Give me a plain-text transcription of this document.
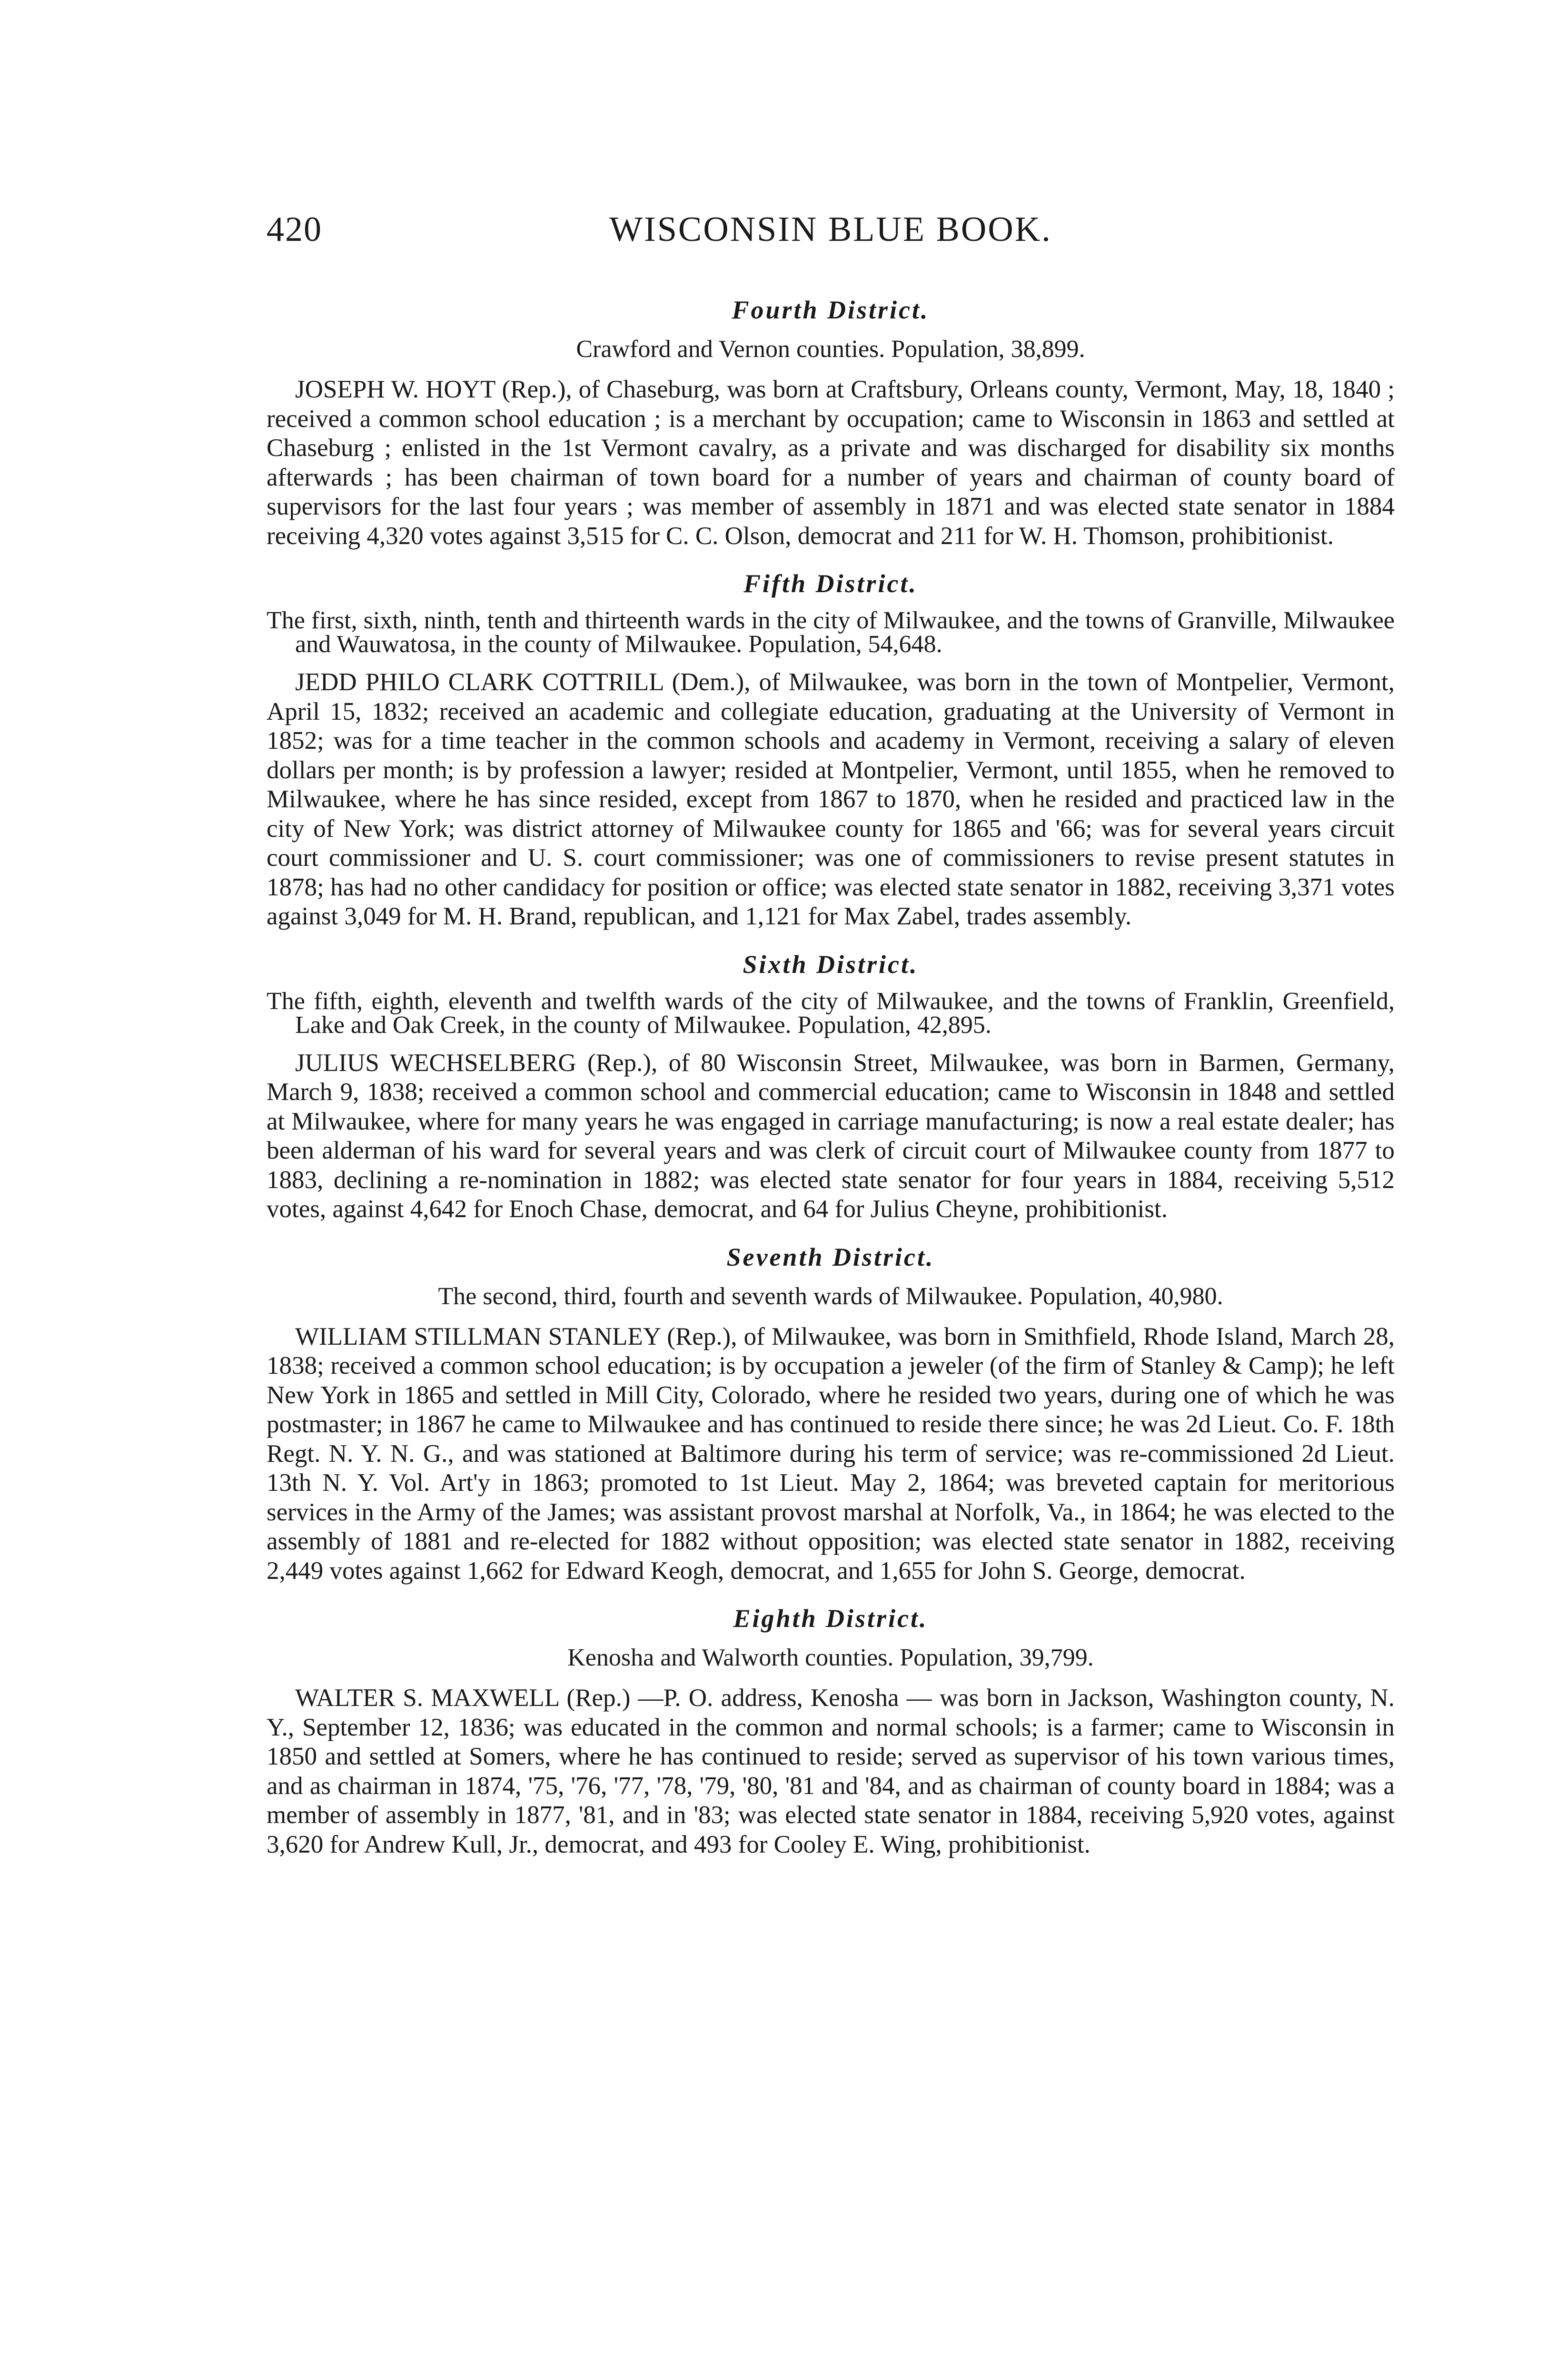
420	WISCONSIN BLUE BOOK.
Fourth District.

Crawford and Vernon counties. Population, 38,899.

JOSEPH W. HOYT (Rep.), of Chaseburg, was born at Craftsbury, Orleans county, Vermont, May, 18, 1840 ; received a common school education ; is a merchant by occupation; came to Wisconsin in 1863 and settled at Chaseburg ; enlisted in the 1st Vermont cavalry, as a private and was discharged for disability six months afterwards ; has been chairman of town board for a number of years and chairman of county board of supervisors for the last four years ; was member of assembly in 1871 and was elected state senator in 1884 receiving 4,320 votes against 3,515 for C. C. Olson, democrat and 211 for W. H. Thomson, prohibitionist.

Fifth District.

The first, sixth, ninth, tenth and thirteenth wards in the city of Milwaukee, and the towns of Granville, Milwaukee and Wauwatosa, in the county of Milwaukee. Population, 54,648.

JEDD PHILO CLARK COTTRILL (Dem.), of Milwaukee, was born in the town of Montpelier, Vermont, April 15, 1832; received an academic and collegiate education, graduating at the University of Vermont in 1852; was for a time teacher in the common schools and academy in Vermont, receiving a salary of eleven dollars per month; is by profession a lawyer; resided at Montpelier, Vermont, until 1855, when he removed to Milwaukee, where he has since resided, except from 1867 to 1870, when he resided and practiced law in the city of New York; was district attorney of Milwaukee county for 1865 and '66; was for several years circuit court commissioner and U. S. court commissioner; was one of commissioners to revise present statutes in 1878; has had no other candidacy for position or office; was elected state senator in 1882, receiving 3,371 votes against 3,049 for M. H. Brand, republican, and 1,121 for Max Zabel, trades assembly.

Sixth District.

The fifth, eighth, eleventh and twelfth wards of the city of Milwaukee, and the towns of Franklin, Greenfield, Lake and Oak Creek, in the county of Milwaukee. Population, 42,895.

JULIUS WECHSELBERG (Rep.), of 80 Wisconsin Street, Milwaukee, was born in Barmen, Germany, March 9, 1838; received a common school and commercial education; came to Wisconsin in 1848 and settled at Milwaukee, where for many years he was engaged in carriage manufacturing; is now a real estate dealer; has been alderman of his ward for several years and was clerk of circuit court of Milwaukee county from 1877 to 1883, declining a re-nomination in 1882; was elected state senator for four years in 1884, receiving 5,512 votes, against 4,642 for Enoch Chase, democrat, and 64 for Julius Cheyne, prohibitionist.

Seventh District.

The second, third, fourth and seventh wards of Milwaukee. Population, 40,980.

WILLIAM STILLMAN STANLEY (Rep.), of Milwaukee, was born in Smithfield, Rhode Island, March 28, 1838; received a common school education; is by occupation a jeweler (of the firm of Stanley & Camp); he left New York in 1865 and settled in Mill City, Colorado, where he resided two years, during one of which he was postmaster; in 1867 he came to Milwaukee and has continued to reside there since; he was 2d Lieut. Co. F. 18th Regt. N. Y. N. G., and was stationed at Baltimore during his term of service; was re-commissioned 2d Lieut. 13th N. Y. Vol. Art'y in 1863; promoted to 1st Lieut. May 2, 1864; was breveted captain for meritorious services in the Army of the James; was assistant provost marshal at Norfolk, Va., in 1864; he was elected to the assembly of 1881 and re-elected for 1882 without opposition; was elected state senator in 1882, receiving 2,449 votes against 1,662 for Edward Keogh, democrat, and 1,655 for John S. George, democrat.

Eighth District.

Kenosha and Walworth counties. Population, 39,799.

WALTER S. MAXWELL (Rep.) —P. O. address, Kenosha — was born in Jackson, Washington county, N. Y., September 12, 1836; was educated in the common and normal schools; is a farmer; came to Wisconsin in 1850 and settled at Somers, where he has continued to reside; served as supervisor of his town various times, and as chairman in 1874, '75, '76, '77, '78, '79, '80, '81 and '84, and as chairman of county board in 1884; was a member of assembly in 1877, '81, and in '83; was elected state senator in 1884, receiving 5,920 votes, against 3,620 for Andrew Kull, Jr., democrat, and 493 for Cooley E. Wing, prohibitionist.
